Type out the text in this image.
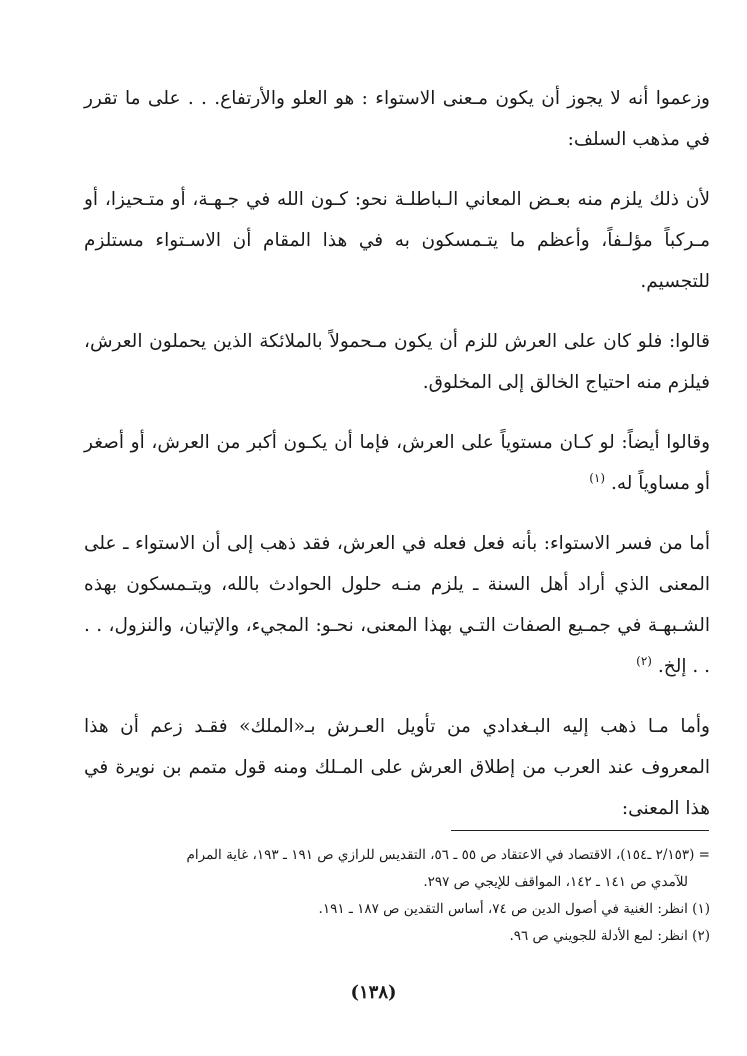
وزعموا أنه لا يجوز أن يكون مـعنى الاستواء : هو العلو والأرتفاع. . . على ما تقرر في مذهب السلف:

لأن ذلك يلزم منه بعـض المعاني الـباطلـة نحو: كـون الله في جـهـة، أو متـحيزا، أو مـركباً مؤلـفاً، وأعظم ما يتـمسكون به في هذا المقام أن الاسـتواء مستلزم للتجسيم.

قالوا: فلو كان على العرش للزم أن يكون مـحمولاً بالملائكة الذين يحملون العرش، فيلزم منه احتياج الخالق إلى المخلوق.

وقالوا أيضاً: لو كـان مستوياً على العرش، فإما أن يكـون أكبر من العرش، أو أصغر أو مساوياً له. $^{(١)}$

أما من فسر الاستواء: بأنه فعل فعله في العرش، فقد ذهب إلى أن الاستواء ـ على المعنى الذي أراد أهل السنة ـ يلزم منـه حلول الحوادث بالله، ويتـمسكون بهذه الشـبهـة في جمـيع الصفات التـي بهذا المعنى، نحـو: المجيء، والإتيان، والنزول، . . . . إلخ. $^{(٢)}$

وأما مـا ذهب إليه البـغدادي من تأويل العـرش بـ«الملك» فقـد زعم أن هذا المعروف عند العرب من إطلاق العرش على المـلك ومنه قول متمم بن نويرة في هذا المعنى:

= (٢/١٥٣ ـ١٥٤)، الاقتصاد في الاعتقاد ص ٥٥ ـ ٥٦، التقديس للرازي ص ١٩١ ـ ١٩٣، غاية المرام

للآمدي ص ١٤١ ـ ١٤٢، المواقف للإيجي ص ٢٩٧.

(١) انظر: الغنية في أصول الدين ص ٧٤، أساس التقدين ص ١٨٧ ـ ١٩١.

(٢) انظر: لمع الأدلة للجويني ص ٩٦.

(١٣٨)
